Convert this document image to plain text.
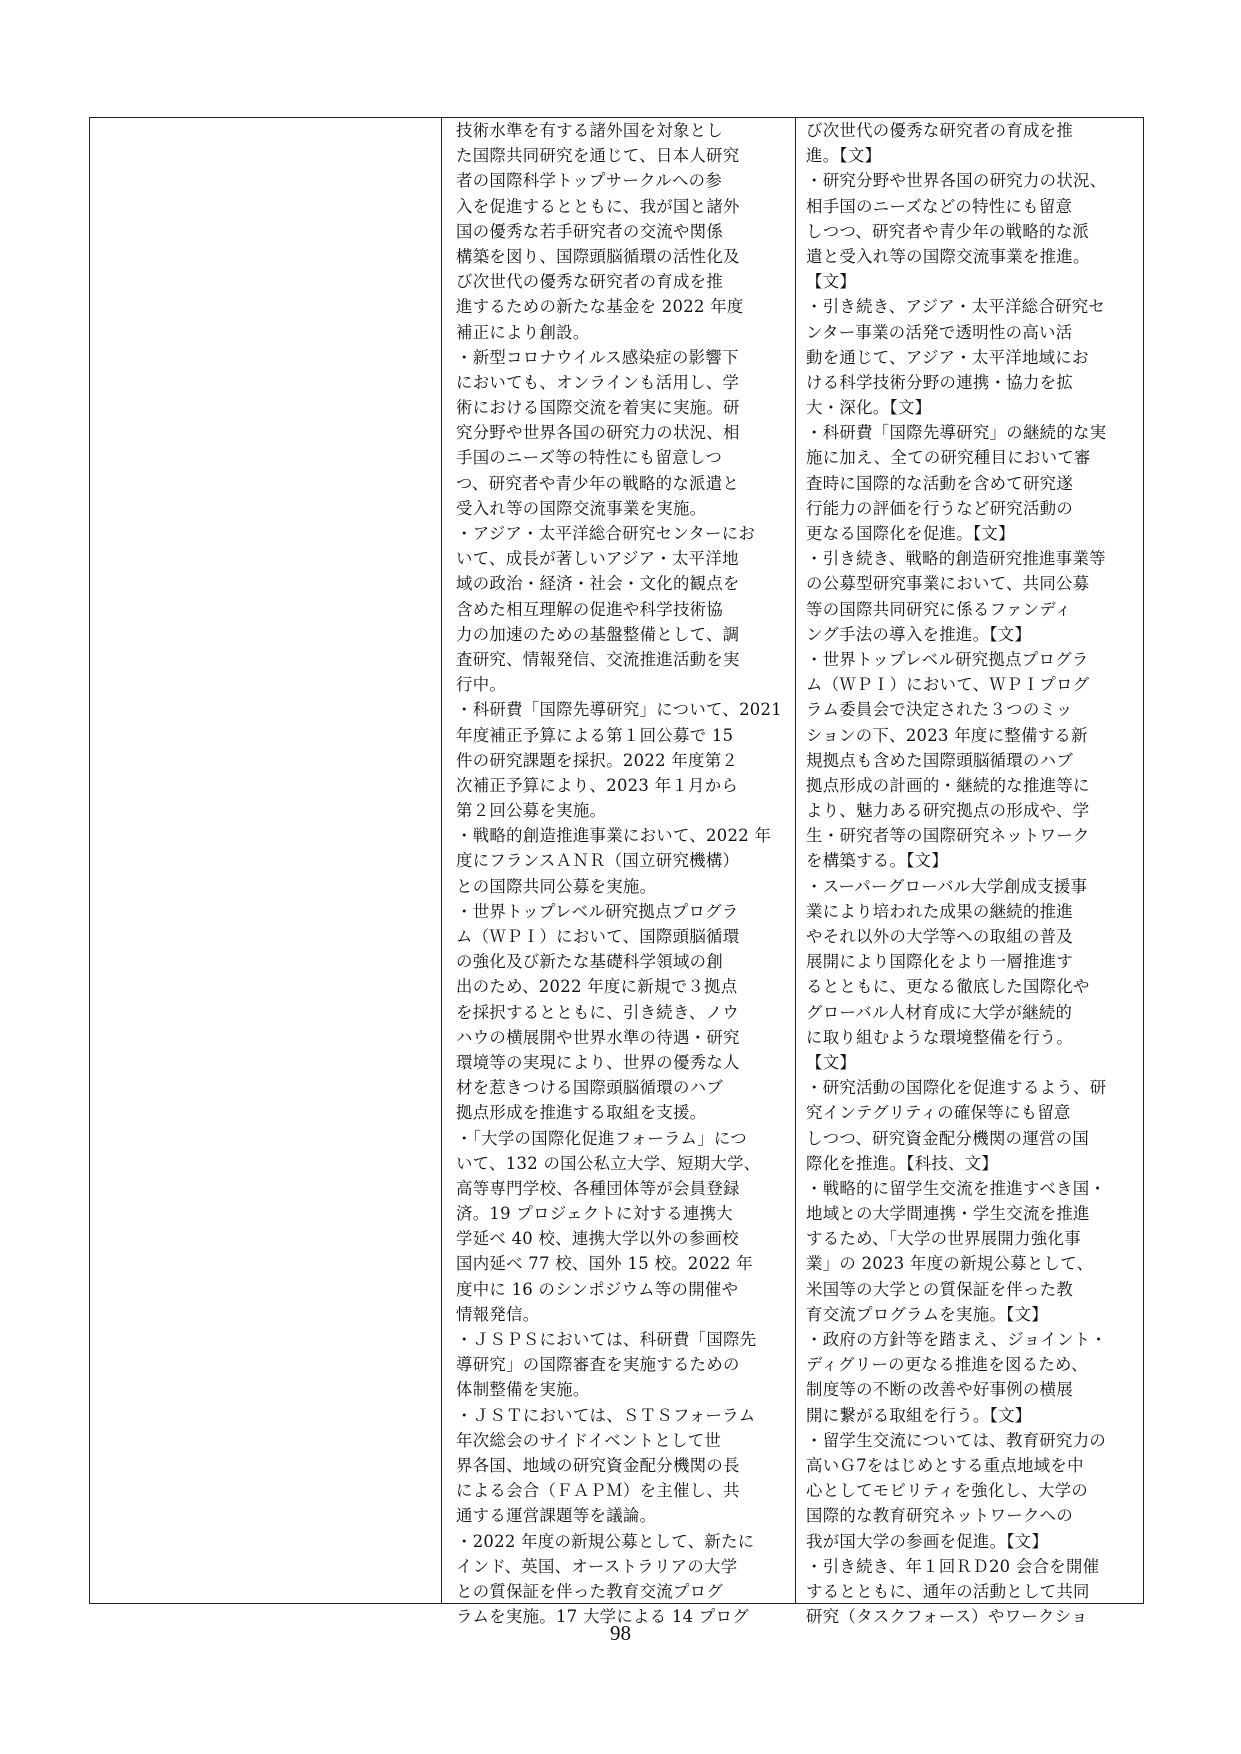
技術水準を有する諸外国を対象とし
た国際共同研究を通じて、日本人研究
者の国際科学トップサークルへの参
入を促進するとともに、我が国と諸外
国の優秀な若手研究者の交流や関係
構築を図り、国際頭脳循環の活性化及
び次世代の優秀な研究者の育成を推
進するための新たな基金を 2022 年度
補正により創設。
・新型コロナウイルス感染症の影響下
においても、オンラインも活用し、学
術における国際交流を着実に実施。研
究分野や世界各国の研究力の状況、相
手国のニーズ等の特性にも留意しつ
つ、研究者や青少年の戦略的な派遣と
受入れ等の国際交流事業を実施。
・アジア・太平洋総合研究センターにお
いて、成長が著しいアジア・太平洋地
域の政治・経済・社会・文化的観点を
含めた相互理解の促進や科学技術協
力の加速のための基盤整備として、調
査研究、情報発信、交流推進活動を実
行中。
・科研費「国際先導研究」について、2021
年度補正予算による第１回公募で 15
件の研究課題を採択。2022 年度第２
次補正予算により、2023 年１月から
第２回公募を実施。
・戦略的創造推進事業において、2022 年
度にフランスＡＮＲ（国立研究機構）
との国際共同公募を実施。
・世界トップレベル研究拠点プログラ
ム（ＷＰＩ）において、国際頭脳循環
の強化及び新たな基礎科学領域の創
出のため、2022 年度に新規で３拠点
を採択するとともに、引き続き、ノウ
ハウの横展開や世界水準の待遇・研究
環境等の実現により、世界の優秀な人
材を惹きつける国際頭脳循環のハブ
拠点形成を推進する取組を支援。
・「大学の国際化促進フォーラム」につ
いて、132 の国公私立大学、短期大学、
高等専門学校、各種団体等が会員登録
済。19 プロジェクトに対する連携大
学延べ 40 校、連携大学以外の参画校
国内延べ 77 校、国外 15 校。2022 年
度中に 16 のシンポジウム等の開催や
情報発信。
・ＪＳＰＳにおいては、科研費「国際先
導研究」の国際審査を実施するための
体制整備を実施。
・ＪＳＴにおいては、ＳＴＳフォーラム
年次総会のサイドイベントとして世
界各国、地域の研究資金配分機関の長
による会合（ＦＡＰＭ）を主催し、共
通する運営課題等を議論。
・2022 年度の新規公募として、新たに
インド、英国、オーストラリアの大学
との質保証を伴った教育交流プログ
ラムを実施。17 大学による 14 プログ
び次世代の優秀な研究者の育成を推
進。【文】
・研究分野や世界各国の研究力の状況、
相手国のニーズなどの特性にも留意
しつつ、研究者や青少年の戦略的な派
遣と受入れ等の国際交流事業を推進。
【文】
・引き続き、アジア・太平洋総合研究セ
ンター事業の活発で透明性の高い活
動を通じて、アジア・太平洋地域にお
ける科学技術分野の連携・協力を拡
大・深化。【文】
・科研費「国際先導研究」の継続的な実
施に加え、全ての研究種目において審
査時に国際的な活動を含めて研究遂
行能力の評価を行うなど研究活動の
更なる国際化を促進。【文】
・引き続き、戦略的創造研究推進事業等
の公募型研究事業において、共同公募
等の国際共同研究に係るファンディ
ング手法の導入を推進。【文】
・世界トップレベル研究拠点プログラ
ム（ＷＰＩ）において、ＷＰＩプログ
ラム委員会で決定された３つのミッ
ションの下、2023 年度に整備する新
規拠点も含めた国際頭脳循環のハブ
拠点形成の計画的・継続的な推進等に
より、魅力ある研究拠点の形成や、学
生・研究者等の国際研究ネットワーク
を構築する。【文】
・スーパーグローバル大学創成支援事
業により培われた成果の継続的推進
やそれ以外の大学等への取組の普及
展開により国際化をより一層推進す
るとともに、更なる徹底した国際化や
グローバル人材育成に大学が継続的
に取り組むような環境整備を行う。
【文】
・研究活動の国際化を促進するよう、研
究インテグリティの確保等にも留意
しつつ、研究資金配分機関の運営の国
際化を推進。【科技、文】
・戦略的に留学生交流を推進すべき国・
地域との大学間連携・学生交流を推進
するため、「大学の世界展開力強化事
業」の 2023 年度の新規公募として、
米国等の大学との質保証を伴った教
育交流プログラムを実施。【文】
・政府の方針等を踏まえ、ジョイント・
ディグリーの更なる推進を図るため、
制度等の不断の改善や好事例の横展
開に繋がる取組を行う。【文】
・留学生交流については、教育研究力の
高いＧ7をはじめとする重点地域を中
心としてモビリティを強化し、大学の
国際的な教育研究ネットワークへの
我が国大学の参画を促進。【文】
・引き続き、年１回ＲＤ20 会合を開催
するとともに、通年の活動として共同
研究（タスクフォース）やワークショ
98
